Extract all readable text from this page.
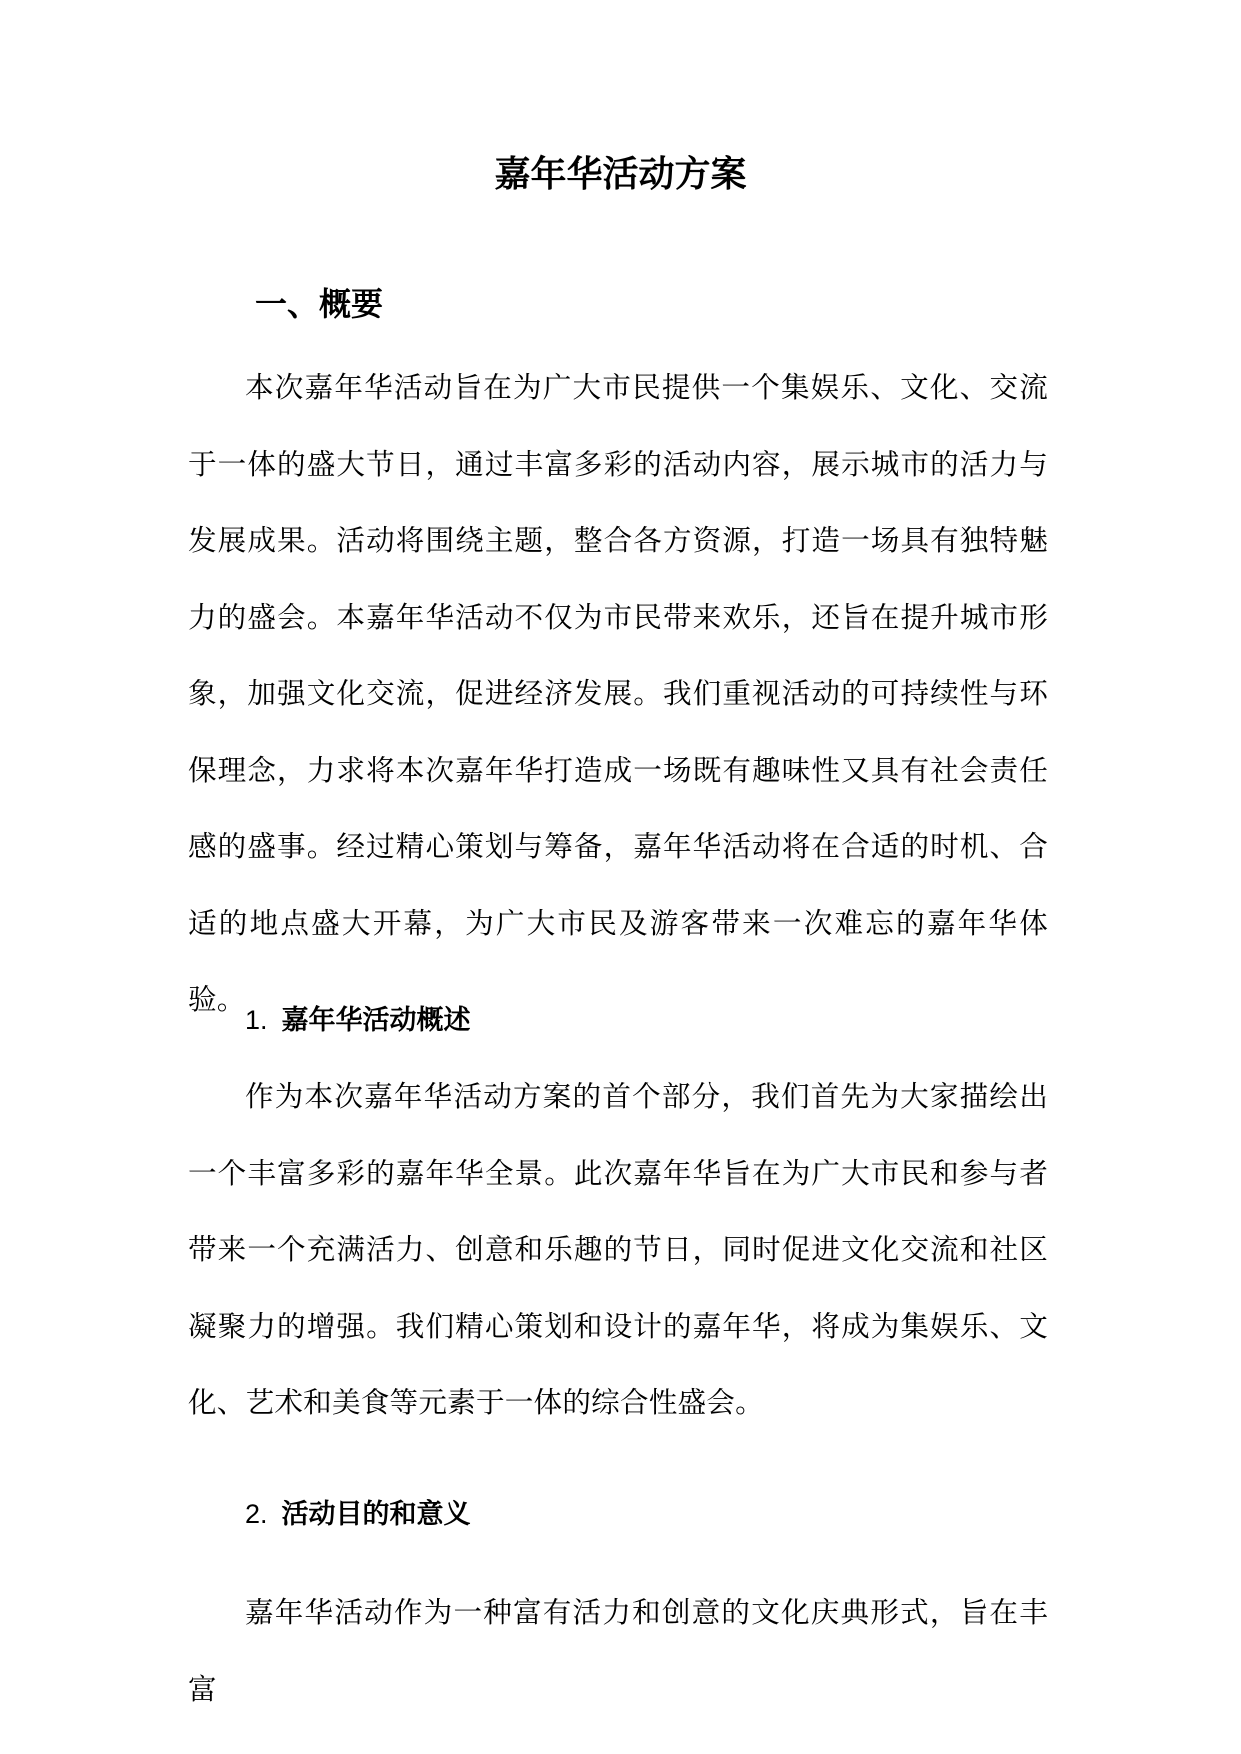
嘉年华活动方案
一、概要

本次嘉年华活动旨在为广大市民提供一个集娱乐、文化、交流于一体的盛大节日，通过丰富多彩的活动内容，展示城市的活力与发展成果。活动将围绕主题，整合各方资源，打造一场具有独特魅力的盛会。本嘉年华活动不仅为市民带来欢乐，还旨在提升城市形象，加强文化交流，促进经济发展。我们重视活动的可持续性与环保理念，力求将本次嘉年华打造成一场既有趣味性又具有社会责任感的盛事。经过精心策划与筹备，嘉年华活动将在合适的时机、合适的地点盛大开幕，为广大市民及游客带来一次难忘的嘉年华体验。

1. 嘉年华活动概述

作为本次嘉年华活动方案的首个部分，我们首先为大家描绘出一个丰富多彩的嘉年华全景。此次嘉年华旨在为广大市民和参与者带来一个充满活力、创意和乐趣的节日，同时促进文化交流和社区凝聚力的增强。我们精心策划和设计的嘉年华，将成为集娱乐、文化、艺术和美食等元素于一体的综合性盛会。

2. 活动目的和意义

嘉年华活动作为一种富有活力和创意的文化庆典形式，旨在丰富
